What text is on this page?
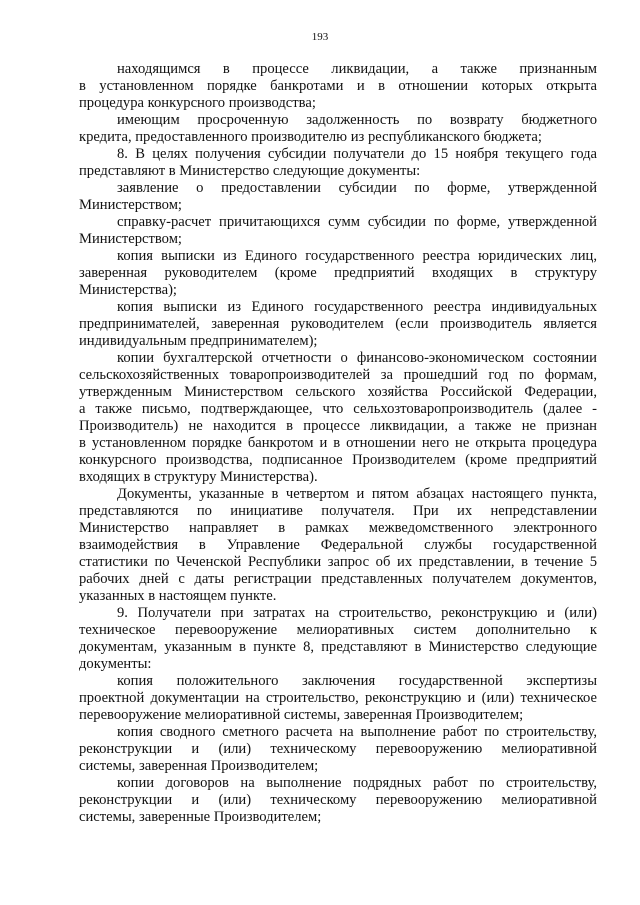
193
находящимся в процессе ликвидации, а также признанным
в установленном порядке банкротами и в отношении которых открыта
процедура конкурсного производства;
имеющим просроченную задолженность по возврату бюджетного
кредита, предоставленного производителю из республиканского бюджета;
8. В целях получения субсидии получатели до 15 ноября текущего года
представляют в Министерство следующие документы:
заявление о предоставлении субсидии по форме, утвержденной
Министерством;
справку-расчет причитающихся сумм субсидии по форме, утвержденной
Министерством;
копия выписки из Единого государственного реестра юридических лиц,
заверенная руководителем (кроме предприятий входящих в структуру
Министерства);
копия выписки из Единого государственного реестра индивидуальных
предпринимателей, заверенная руководителем (если производитель является
индивидуальным предпринимателем);
копии бухгалтерской отчетности о финансово-экономическом состоянии
сельскохозяйственных товаропроизводителей за прошедший год по формам,
утвержденным Министерством сельского хозяйства Российской Федерации,
а также письмо, подтверждающее, что сельхозтоваропроизводитель (далее -
Производитель) не находится в процессе ликвидации, а также не признан
в установленном порядке банкротом и в отношении него не открыта процедура
конкурсного производства, подписанное Производителем (кроме предприятий
входящих в структуру Министерства).
Документы, указанные в четвертом и пятом абзацах настоящего пункта,
представляются по инициативе получателя. При их непредставлении
Министерство направляет в рамках межведомственного электронного
взаимодействия в Управление Федеральной службы государственной
статистики по Чеченской Республики запрос об их представлении, в течение 5
рабочих дней с даты регистрации представленных получателем документов,
указанных в настоящем пункте.
9. Получатели при затратах на строительство, реконструкцию и (или)
техническое перевооружение мелиоративных систем дополнительно к
документам, указанным в пункте 8, представляют в Министерство следующие
документы:
копия положительного заключения государственной экспертизы
проектной документации на строительство, реконструкцию и (или) техническое
перевооружение мелиоративной системы, заверенная Производителем;
копия сводного сметного расчета на выполнение работ по строительству,
реконструкции и (или) техническому перевооружению мелиоративной
системы, заверенная Производителем;
копии договоров на выполнение подрядных работ по строительству,
реконструкции и (или) техническому перевооружению мелиоративной
системы, заверенные Производителем;
